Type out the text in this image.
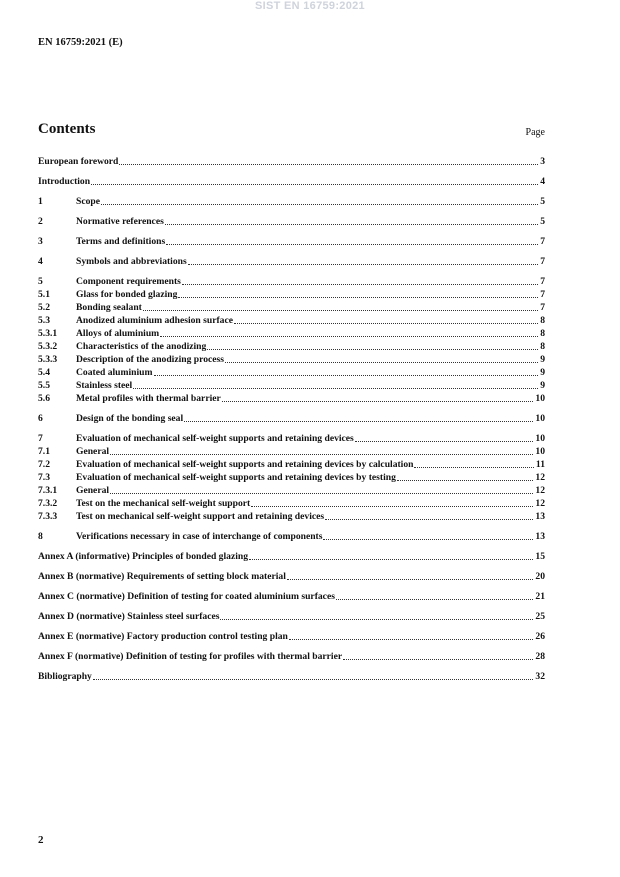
SIST EN 16759:2021
EN 16759:2021 (E)
Contents	Page
European foreword	3
Introduction	4
1	Scope	5
2	Normative references	5
3	Terms and definitions	7
4	Symbols and abbreviations	7
5	Component requirements	7
5.1	Glass for bonded glazing	7
5.2	Bonding sealant	7
5.3	Anodized aluminium adhesion surface	8
5.3.1	Alloys of aluminium	8
5.3.2	Characteristics of the anodizing	8
5.3.3	Description of the anodizing process	9
5.4	Coated aluminium	9
5.5	Stainless steel	9
5.6	Metal profiles with thermal barrier	10
6	Design of the bonding seal	10
7	Evaluation of mechanical self-weight supports and retaining devices	10
7.1	General	10
7.2	Evaluation of mechanical self-weight supports and retaining devices by calculation	11
7.3	Evaluation of mechanical self-weight supports and retaining devices by testing	12
7.3.1	General	12
7.3.2	Test on the mechanical self-weight support	12
7.3.3	Test on mechanical self-weight support and retaining devices	13
8	Verifications necessary in case of interchange of components	13
Annex A (informative) Principles of bonded glazing	15
Annex B (normative) Requirements of setting block material	20
Annex C (normative) Definition of testing for coated aluminium surfaces	21
Annex D (normative) Stainless steel surfaces	25
Annex E (normative) Factory production control testing plan	26
Annex F (normative) Definition of testing for profiles with thermal barrier	28
Bibliography	32
2
